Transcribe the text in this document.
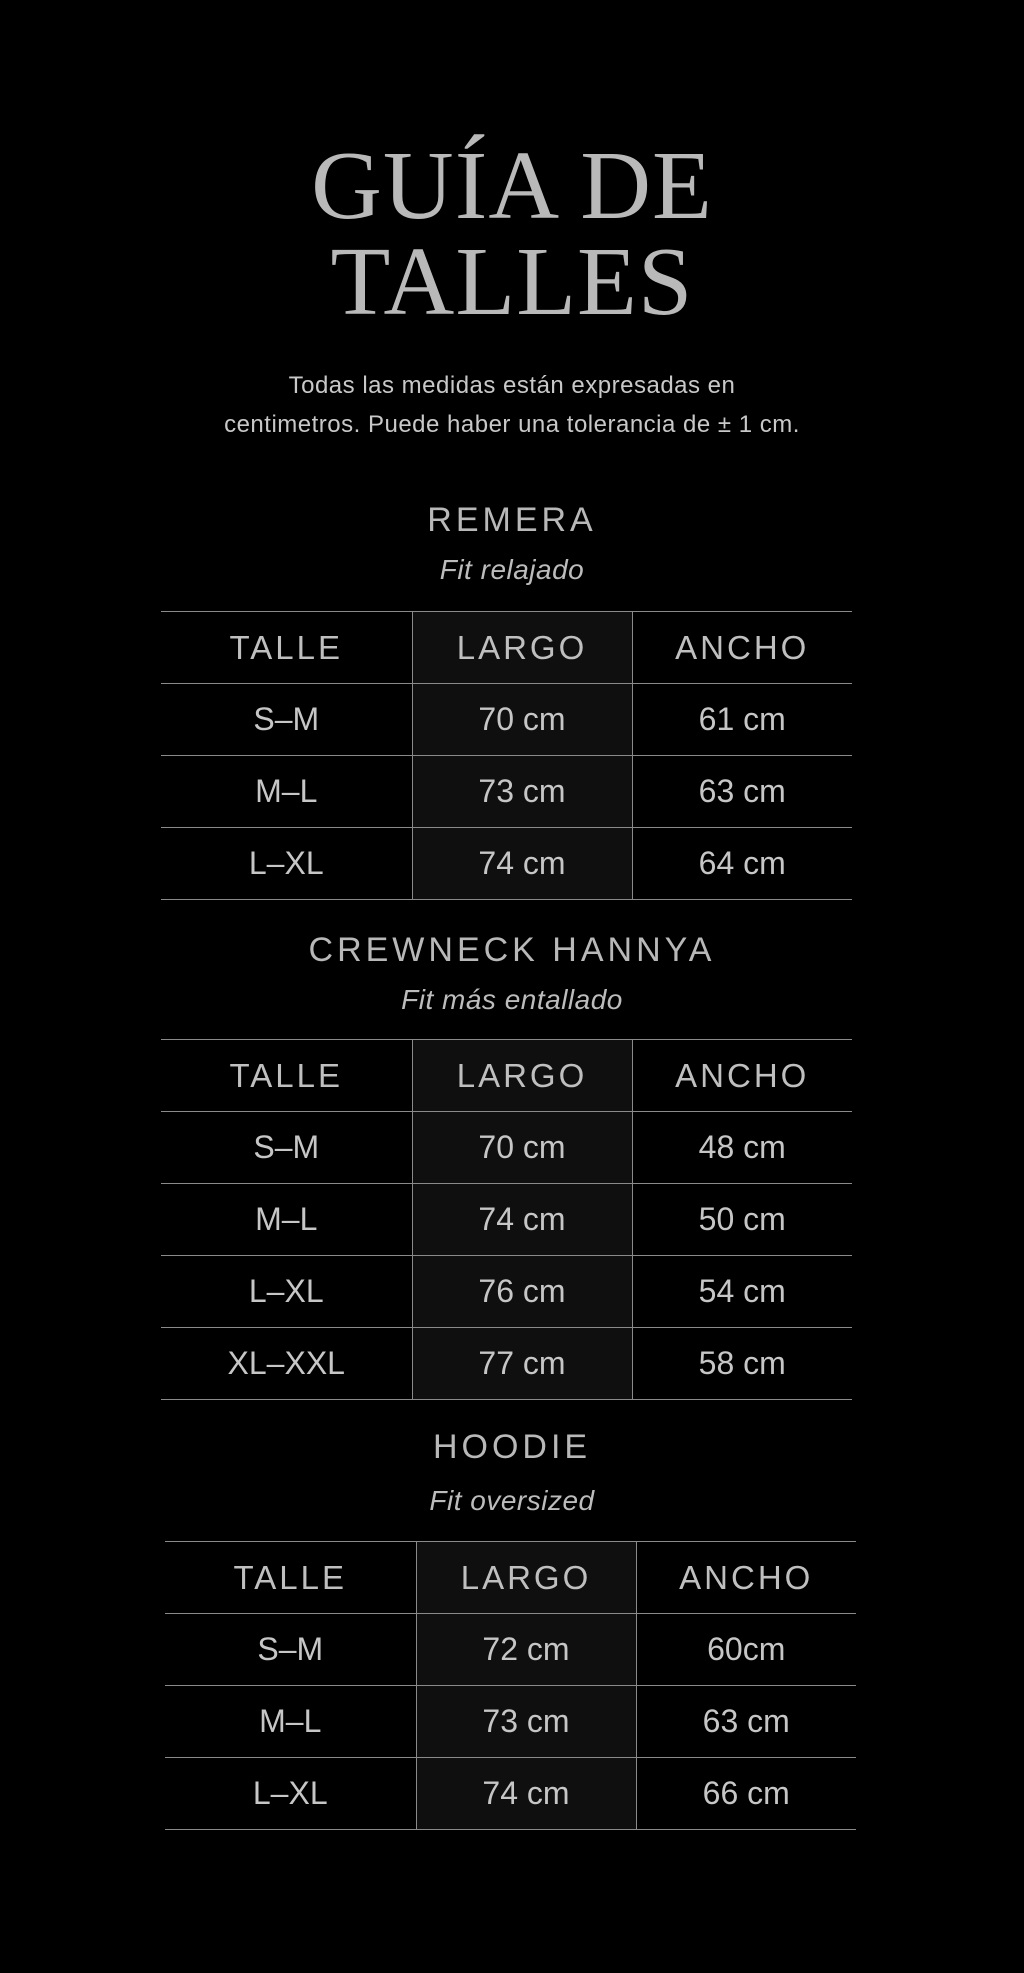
GUÍA DE
TALLES

Todas las medidas están expresadas en
centimetros. Puede haber una tolerancia de ± 1 cm.

REMERA
Fit relajado
TALLE	LARGO	ANCHO
S–M	70 cm	61 cm
M–L	73 cm	63 cm
L–XL	74 cm	64 cm
CREWNECK HANNYA
Fit más entallado
TALLE	LARGO	ANCHO
S–M	70 cm	48 cm
M–L	74 cm	50 cm
L–XL	76 cm	54 cm
XL–XXL	77 cm	58 cm
HOODIE
Fit oversized
TALLE	LARGO	ANCHO
S–M	72 cm	60cm
M–L	73 cm	63 cm
L–XL	74 cm	66 cm
